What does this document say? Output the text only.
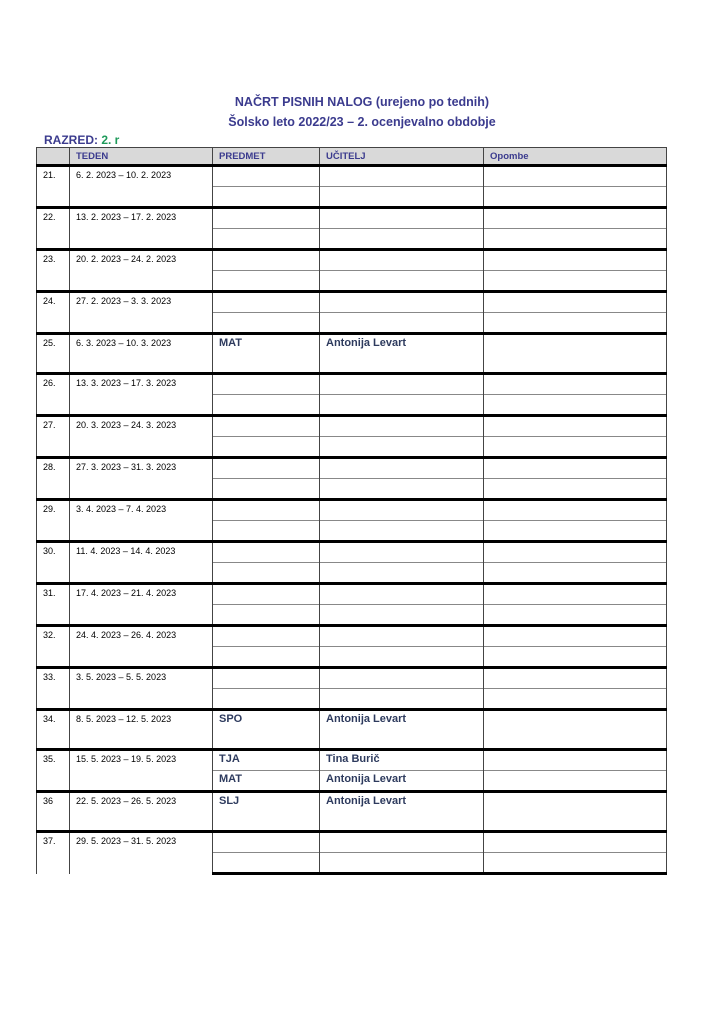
NAČRT PISNIH NALOG (urejeno po tednih)
Šolsko leto 2022/23 – 2. ocenjevalno obdobje
RAZRED: 2. r
	TEDEN	PREDMET	UČITELJ	Opombe
21.	6. 2. 2023 – 10. 2. 2023			

22.	13. 2. 2023 – 17. 2. 2023			

23.	20. 2. 2023 – 24. 2. 2023			

24.	27. 2. 2023 – 3. 3. 2023			

25.	6. 3. 2023 – 10. 3. 2023	MAT	Antonija Levart	
26.	13. 3. 2023 – 17. 3. 2023			

27.	20. 3. 2023 – 24. 3. 2023			

28.	27. 3. 2023 – 31. 3. 2023			

29.	3. 4. 2023 – 7. 4. 2023			

30.	11. 4. 2023 – 14. 4. 2023			

31.	17. 4. 2023 – 21. 4. 2023			

32.	24. 4. 2023 – 26. 4. 2023			

33.	3. 5. 2023 – 5. 5. 2023			

34.	8. 5. 2023 – 12. 5. 2023	SPO	Antonija Levart	
35.	15. 5. 2023 – 19. 5. 2023	TJA	Tina Burič	
		MAT	Antonija Levart	
36	22. 5. 2023 – 26. 5. 2023	SLJ	Antonija Levart	
37.	29. 5. 2023 – 31. 5. 2023			
